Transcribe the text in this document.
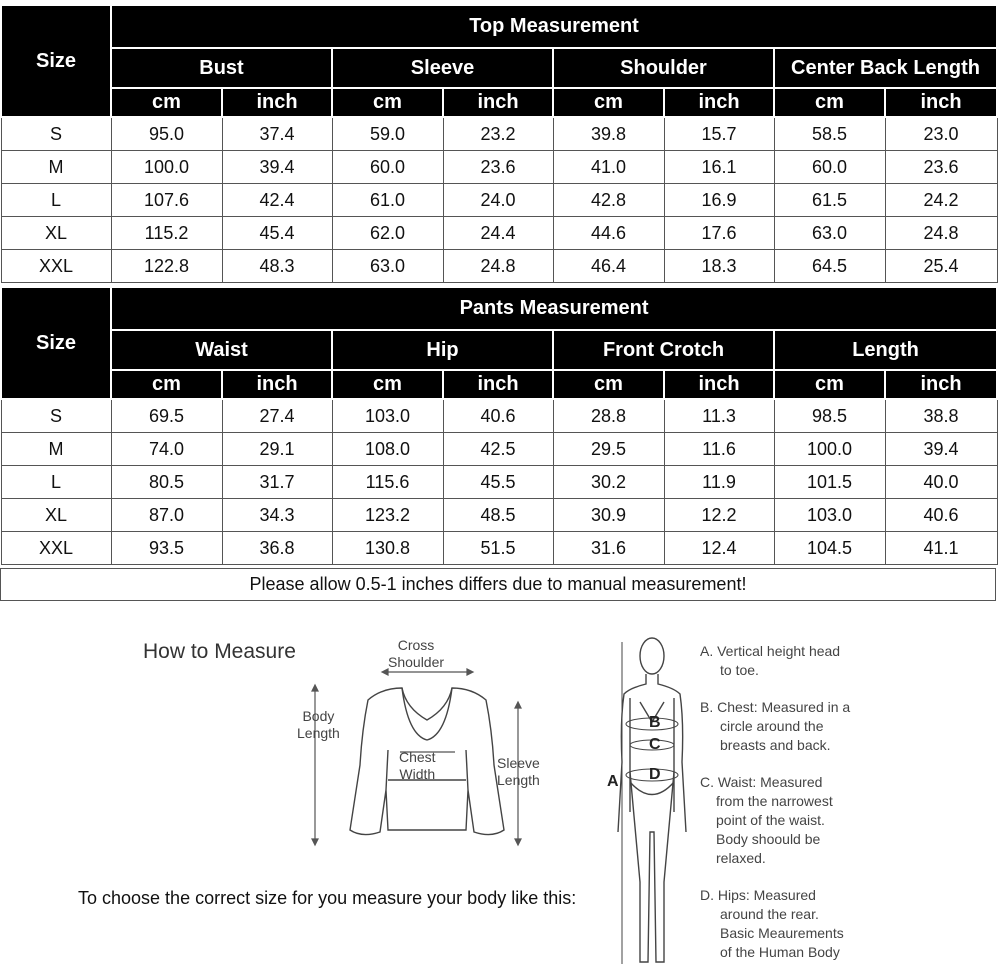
Size	Top Measurement							
	Bust		Sleeve		Shoulder		Center Back Length	
	cm	inch	cm	inch	cm	inch	cm	inch
S	95.0	37.4	59.0	23.2	39.8	15.7	58.5	23.0
M	100.0	39.4	60.0	23.6	41.0	16.1	60.0	23.6
L	107.6	42.4	61.0	24.0	42.8	16.9	61.5	24.2
XL	115.2	45.4	62.0	24.4	44.6	17.6	63.0	24.8
XXL	122.8	48.3	63.0	24.8	46.4	18.3	64.5	25.4
Size	Pants Measurement							
	Waist		Hip		Front Crotch		Length	
	cm	inch	cm	inch	cm	inch	cm	inch
S	69.5	27.4	103.0	40.6	28.8	11.3	98.5	38.8
M	74.0	29.1	108.0	42.5	29.5	11.6	100.0	39.4
L	80.5	31.7	115.6	45.5	30.2	11.9	101.5	40.0
XL	87.0	34.3	123.2	48.5	30.9	12.2	103.0	40.6
XXL	93.5	36.8	130.8	51.5	31.6	12.4	104.5	41.1
Please allow 0.5-1 inches differs due to manual measurement!
How to Measure	Cross
Shoulder
Body
Length
Chest
Width
Sleeve
Length
To choose the correct size for you measure your body like this:
B
C
D
A
A. Vertical height head
to toe.
B. Chest: Measured in a
circle around the
breasts and back.
C. Waist: Measured
from the narrowest
point of the waist.
Body shoould be
relaxed.
D. Hips: Measured
around the rear.
Basic Meaurements
of the Human Body
